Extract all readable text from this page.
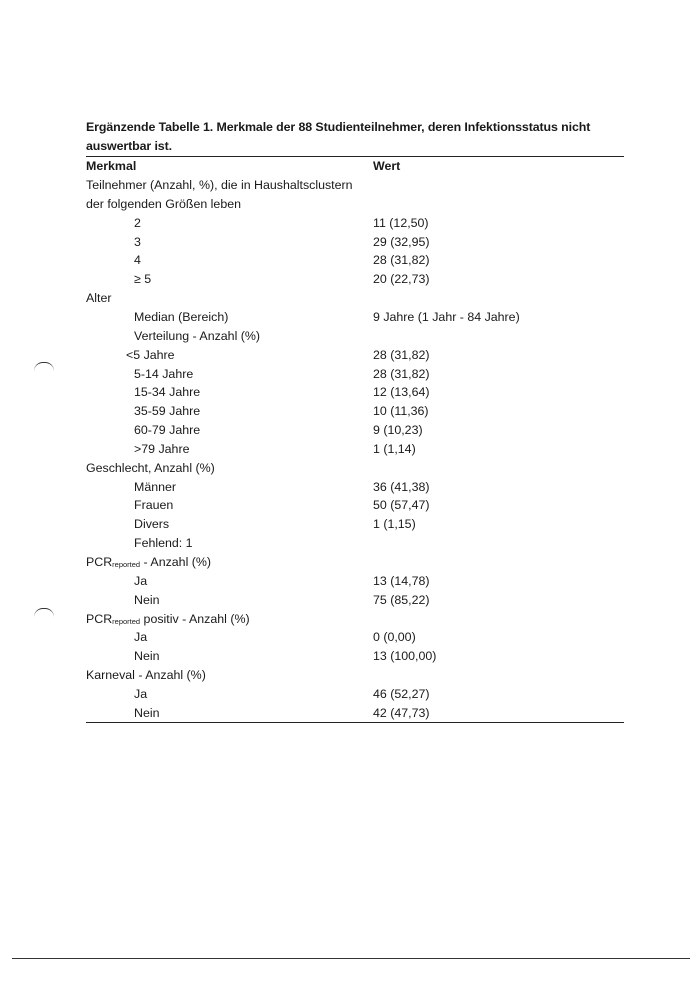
Ergänzende Tabelle 1. Merkmale der 88 Studienteilnehmer, deren Infektionsstatus nicht auswertbar ist.
Merkmal	Wert
Teilnehmer (Anzahl, %), die in Haushaltsclustern
der folgenden Größen leben
2	11 (12,50)
3	29 (32,95)
4	28 (31,82)
≥ 5	20 (22,73)
Alter
Median (Bereich)	9 Jahre (1 Jahr - 84 Jahre)
Verteilung - Anzahl (%)
<5 Jahre	28 (31,82)
5-14 Jahre	28 (31,82)
15-34 Jahre	12 (13,64)
35-59 Jahre	10 (11,36)
60-79 Jahre	9 (10,23)
>79 Jahre	1 (1,14)
Geschlecht, Anzahl (%)
Männer	36 (41,38)
Frauen	50 (57,47)
Divers	1 (1,15)
Fehlend: 1
PCRreported - Anzahl (%)
Ja	13 (14,78)
Nein	75 (85,22)
PCRreported positiv - Anzahl (%)
Ja	0 (0,00)
Nein	13 (100,00)
Karneval - Anzahl (%)
Ja	46 (52,27)
Nein	42 (47,73)
